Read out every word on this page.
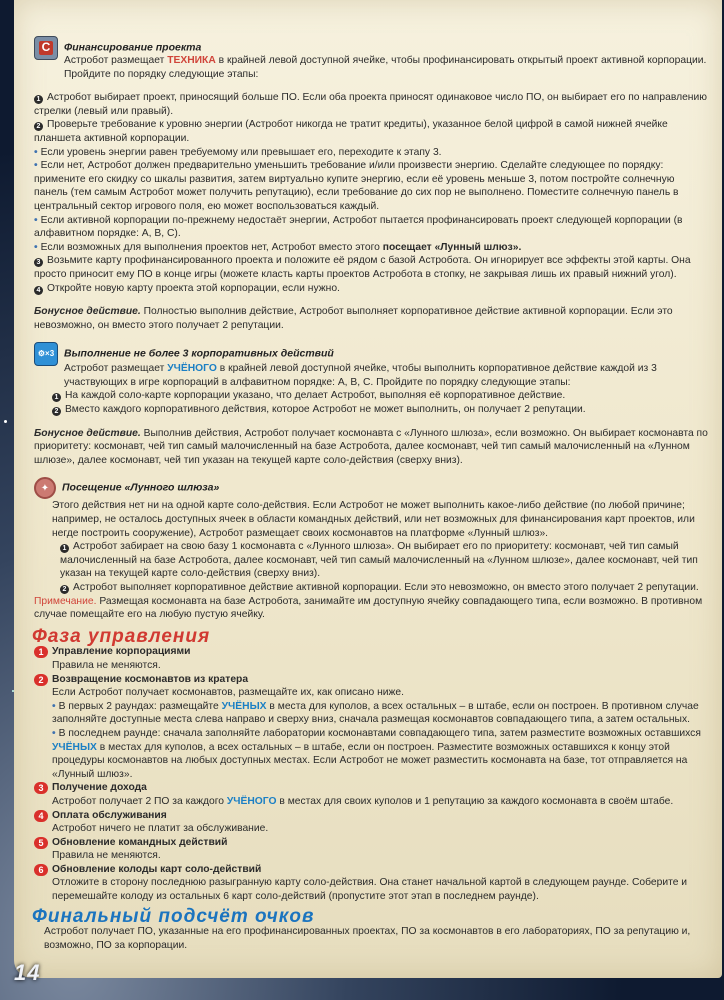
С Финансирование проекта

Астробот размещает ТЕХНИКА в крайней левой доступной ячейке, чтобы профинансировать открытый проект активной корпорации. Пройдите по порядку следующие этапы:

1 Астробот выбирает проект, приносящий больше ПО. Если оба проекта приносят одинаковое число ПО, он выбирает его по направлению стрелки (левый или правый).

2 Проверьте требование к уровню энергии (Астробот никогда не тратит кредиты), указанное белой цифрой в самой нижней ячейке планшета активной корпорации.

• Если уровень энергии равен требуемому или превышает его, переходите к этапу 3.

• Если нет, Астробот должен предварительно уменьшить требование и/или произвести энергию. Сделайте следующее по порядку: примените его скидку со шкалы развития, затем виртуально купите энергию, если её уровень меньше 3, потом постройте солнечную панель (тем самым Астробот может получить репутацию), если требование до сих пор не выполнено. Поместите солнечную панель в центральный сектор игрового поля, ею может воспользоваться каждый.

• Если активной корпорации по-прежнему недостаёт энергии, Астробот пытается профинансировать проект следующей корпорации (в алфавитном порядке: A, B, C).

• Если возможных для выполнения проектов нет, Астробот вместо этого посещает «Лунный шлюз».

3 Возьмите карту профинансированного проекта и положите её рядом с базой Астробота. Он игнорирует все эффекты этой карты. Она просто приносит ему ПО в конце игры (можете класть карты проектов Астробота в стопку, не закрывая лишь их правый нижний угол).

4 Откройте новую карту проекта этой корпорации, если нужно.

Бонусное действие. Полностью выполнив действие, Астробот выполняет корпоративное действие активной корпорации. Если это невозможно, он вместо этого получает 2 репутации.

⚙×3 Выполнение не более 3 корпоративных действий

Астробот размещает УЧЁНОГО в крайней левой доступной ячейке, чтобы выполнить корпоративное действие каждой из 3 участвующих в игре корпораций в алфавитном порядке: A, B, C. Пройдите по порядку следующие этапы:

1 На каждой соло-карте корпорации указано, что делает Астробот, выполняя её корпоративное действие.

2 Вместо каждого корпоративного действия, которое Астробот не может выполнить, он получает 2 репутации.

Бонусное действие. Выполнив действия, Астробот получает космонавта с «Лунного шлюза», если возможно. Он выбирает космонавта по приоритету: космонавт, чей тип самый малочисленный на базе Астробота, далее космонавт, чей тип самый малочисленный на «Лунном шлюзе», далее космонавт, чей тип указан на текущей карте соло-действия (сверху вниз).

✦ Посещение «Лунного шлюза»

Этого действия нет ни на одной карте соло-действия. Если Астробот не может выполнить какое-либо действие (по любой причине; например, не осталось доступных ячеек в области командных действий, или нет возможных для финансирования карт проектов, или негде построить сооружение), Астробот размещает своих космонавтов на платформе «Лунный шлюз».

1 Астробот забирает на свою базу 1 космонавта с «Лунного шлюза». Он выбирает его по приоритету: космонавт, чей тип самый малочисленный на базе Астробота, далее космонавт, чей тип самый малочисленный на «Лунном шлюзе», далее космонавт, чей тип указан на текущей карте соло-действия (сверху вниз).

2 Астробот выполняет корпоративное действие активной корпорации. Если это невозможно, он вместо этого получает 2 репутации.

Примечание. Размещая космонавта на базе Астробота, занимайте им доступную ячейку совпадающего типа, если возможно. В противном случае помещайте его на любую пустую ячейку.

Фаза управления

1 Управление корпорациями

Правила не меняются.

2 Возвращение космонавтов из кратера

Если Астробот получает космонавтов, размещайте их, как описано ниже.

• В первых 2 раундах: размещайте УЧЁНЫХ в места для куполов, а всех остальных – в штабе, если он построен. В противном случае заполняйте доступные места слева направо и сверху вниз, сначала размещая космонавтов совпадающего типа, а затем остальных.

• В последнем раунде: сначала заполняйте лаборатории космонавтами совпадающего типа, затем разместите возможных оставшихся УЧЁНЫХ в местах для куполов, а всех остальных – в штабе, если он построен. Разместите возможных оставшихся к концу этой процедуры космонавтов на любых доступных местах. Если Астробот не может разместить космонавта на базе, тот отправляется на «Лунный шлюз».

3 Получение дохода

Астробот получает 2 ПО за каждого УЧЁНОГО в местах для своих куполов и 1 репутацию за каждого космонавта в своём штабе.

4 Оплата обслуживания

Астробот ничего не платит за обслуживание.

5 Обновление командных действий

Правила не меняются.

6 Обновление колоды карт соло-действий

Отложите в сторону последнюю разыгранную карту соло-действия. Она станет начальной картой в следующем раунде. Соберите и перемешайте колоду из остальных 6 карт соло-действий (пропустите этот этап в последнем раунде).

Финальный подсчёт очков

Астробот получает ПО, указанные на его профинансированных проектах, ПО за космонавтов в его лабораториях, ПО за репутацию и, возможно, ПО за корпорации.

14
